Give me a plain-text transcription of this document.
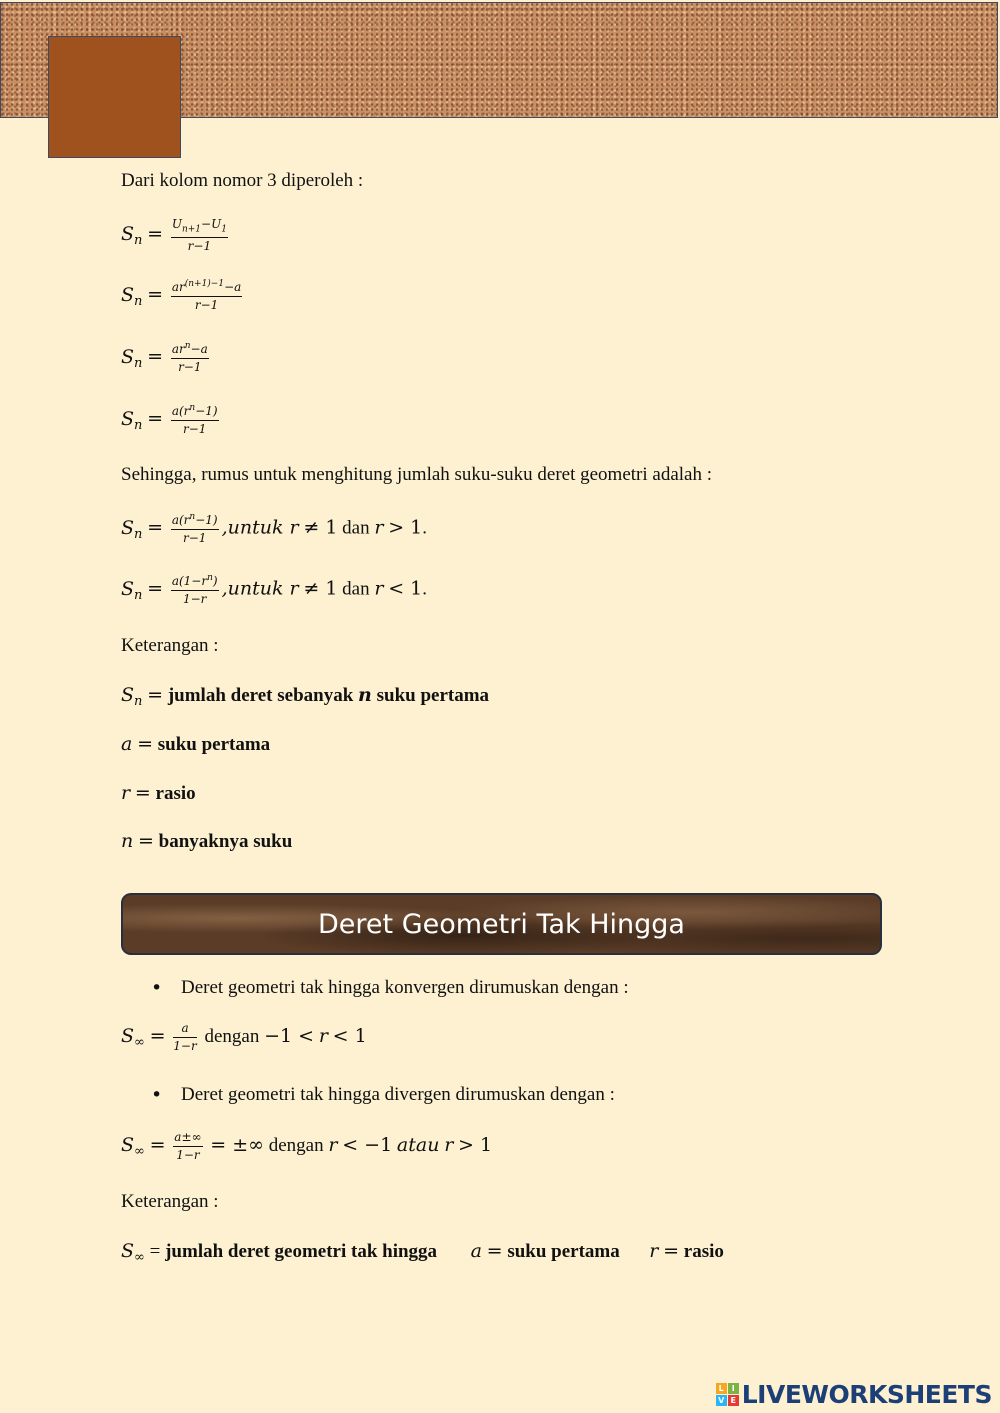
Dari kolom nomor 3 diperoleh :
$S_n = \frac{U_{n+1}-U_1}{r-1}$
$S_n = \frac{ar^{(n+1)-1}-a}{r-1}$
$S_n = \frac{ar^n-a}{r-1}$
$S_n = \frac{a(r^n-1)}{r-1}$
Sehingga, rumus untuk menghitung jumlah suku-suku deret geometri adalah :
$S_n = \frac{a(r^n-1)}{r-1}$ ,untuk r ≠ 1 dan r > 1.
$S_n = \frac{a(1-r^n)}{1-r}$ ,untuk r ≠ 1 dan r < 1.
Keterangan :
$S_n$ = jumlah deret sebanyak n suku pertama
a = suku pertama
r = rasio
n = banyaknya suku
Deret Geometri Tak Hingga
• Deret geometri tak hingga konvergen dirumuskan dengan :
$S_\infty = \frac{a}{1-r}$ dengan −1 < r < 1
• Deret geometri tak hingga divergen dirumuskan dengan :
$S_\infty = \frac{a\pm\infty}{1-r}$ = ±∞ dengan r < −1 atau r > 1
Keterangan :
$S_\infty$ = jumlah deret geometri tak hingga a = suku pertama r = rasio
L I
V E LIVEWORKSHEETS
